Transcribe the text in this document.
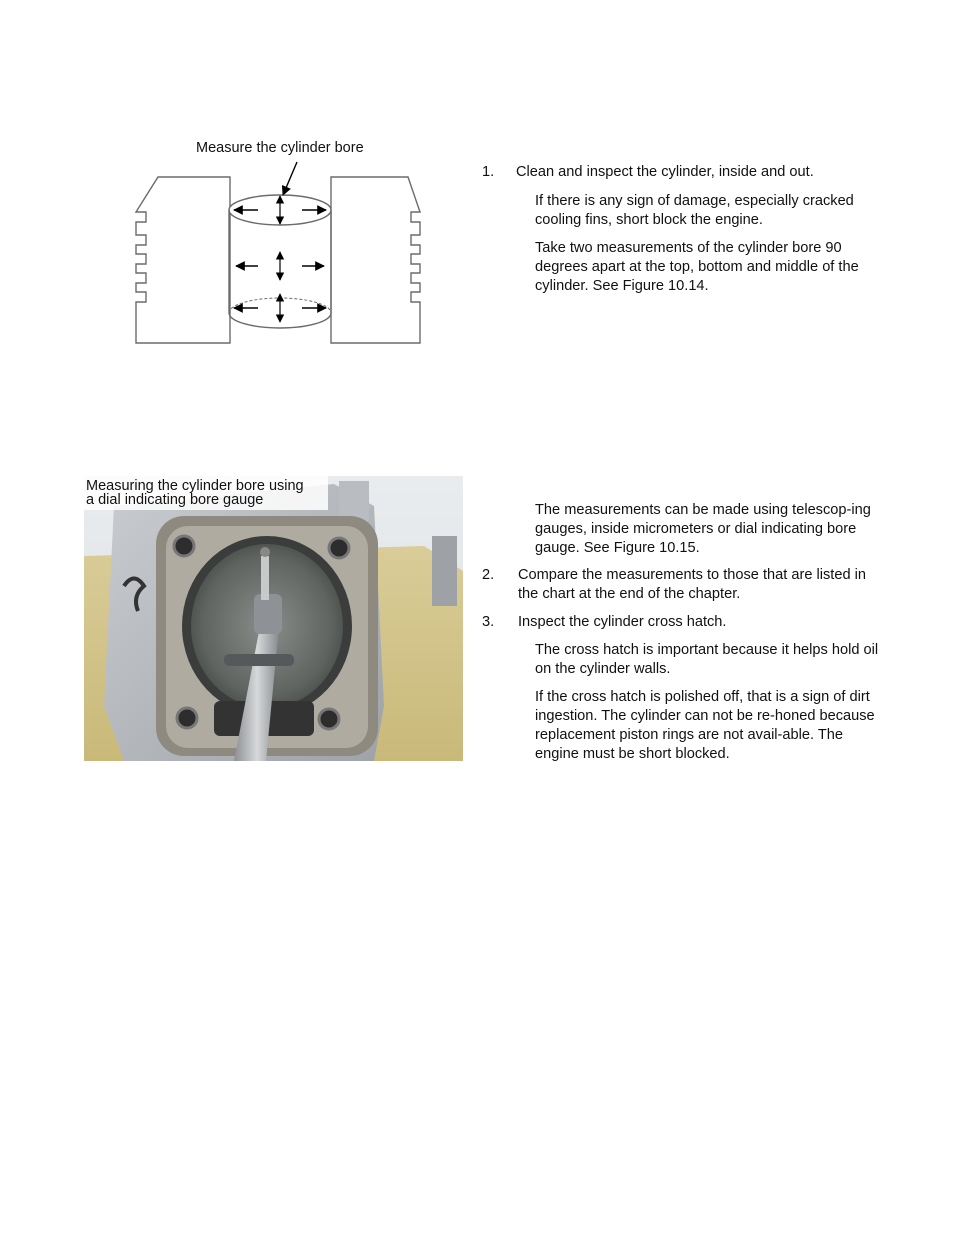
Measure the cylinder bore
1. Clean and inspect the cylinder, inside and out.
If there is any sign of damage, especially cracked cooling fins, short block the engine.
Take two measurements of the cylinder bore 90 degrees apart at the top, bottom and middle of the cylinder. See Figure 10.14.
Measuring the cylinder bore using
a dial indicating bore gauge
The measurements can be made using telescop-ing gauges, inside micrometers or dial indicating bore gauge. See Figure 10.15.
2. Compare the measurements to those that are listed in the chart at the end of the chapter.
3. Inspect the cylinder cross hatch.
The cross hatch is important because it helps hold oil on the cylinder walls.
If the cross hatch is polished off, that is a sign of dirt ingestion. The cylinder can not be re-honed because replacement piston rings are not avail-able. The engine must be short blocked.
